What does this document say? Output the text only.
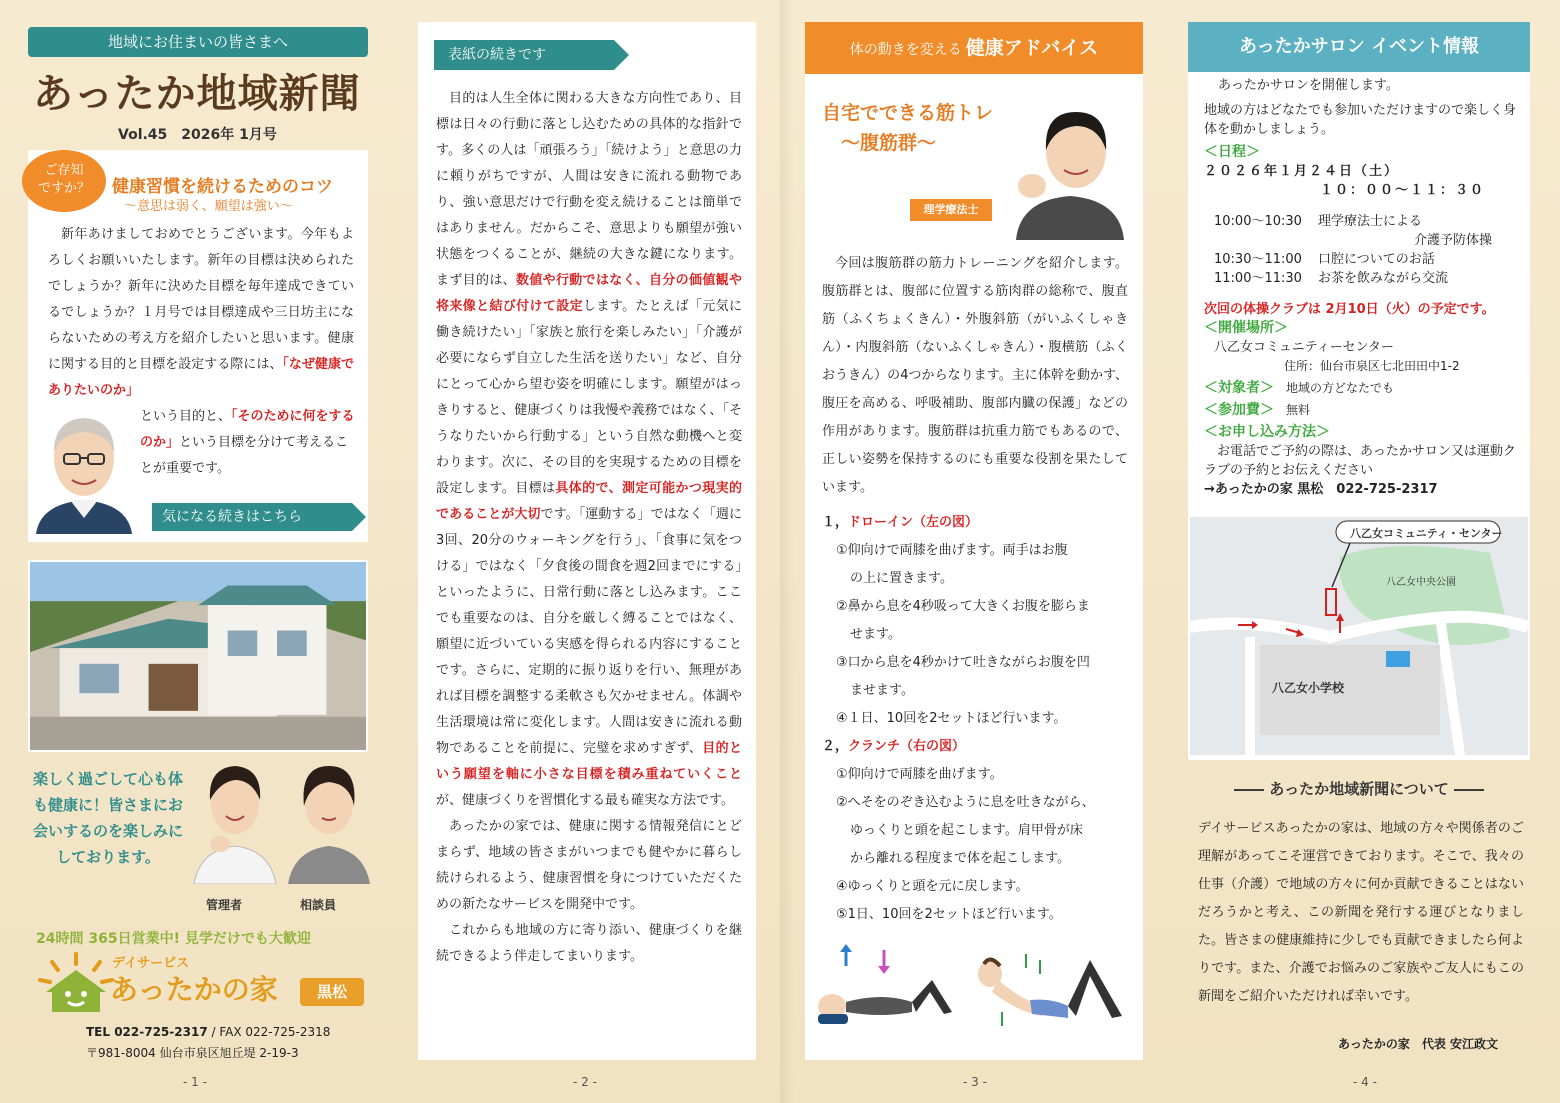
- 1 -
地域にお住まいの皆さまへ
あったか地域新聞
Vol.45　2026年 1月号
ご存知
ですか？	健康習慣を続けるためのコツ
～意思は弱く、願望は強い～
新年あけましておめでとうございます。今年もよろしくお願いいたします。新年の目標は決められたでしょうか？新年に決めた目標を毎年達成できているでしょうか？１月号では目標達成や三日坊主にならないための考え方を紹介したいと思います。健康に関する目的と目標を設定する際には、「なぜ健康でありたいのか」
という目的と、「そのために何をするのか」という目標を分けて考えることが重要です。
気になる続きはこちら
楽しく過ごして心も体も健康に！皆さまにお会いするのを楽しみにしております。
管理者	相談員
24時間 365日営業中! 見学だけでも大歓迎
デイサービス
あったかの家	黒松
TEL 022-725-2317 / FAX 022-725-2318
〒981-8004 仙台市泉区旭丘堤 2-19-3
- 2 -
表紙の続きです

目的は人生全体に関わる大きな方向性であり、目標は日々の行動に落とし込むための具体的な指針です。多くの人は「頑張ろう」「続けよう」と意思の力に頼りがちですが、人間は安きに流れる動物であり、強い意思だけで行動を変え続けることは簡単ではありません。だからこそ、意思よりも願望が強い状態をつくることが、継続の大きな鍵になります。まず目的は、数値や行動ではなく、自分の価値観や将来像と結び付けて設定します。たとえば「元気に働き続けたい」「家族と旅行を楽しみたい」「介護が必要にならず自立した生活を送りたい」など、自分にとって心から望む姿を明確にします。願望がはっきりすると、健康づくりは我慢や義務ではなく、「そうなりたいから行動する」という自然な動機へと変わります。次に、その目的を実現するための目標を設定します。目標は具体的で、測定可能かつ現実的であることが大切です。「運動する」ではなく「週に3回、20分のウォーキングを行う」、「食事に気をつける」ではなく「夕食後の間食を週2回までにする」といったように、日常行動に落とし込みます。ここでも重要なのは、自分を厳しく縛ることではなく、願望に近づいている実感を得られる内容にすることです。さらに、定期的に振り返りを行い、無理があれば目標を調整する柔軟さも欠かせません。体調や生活環境は常に変化します。人間は安きに流れる動物であることを前提に、完璧を求めすぎず、目的という願望を軸に小さな目標を積み重ねていくことが、健康づくりを習慣化する最も確実な方法です。

あったかの家では、健康に関する情報発信にとどまらず、地域の皆さまがいつまでも健やかに暮らし続けられるよう、健康習慣を身につけていただくための新たなサービスを開発中です。

これからも地域の方に寄り添い、健康づくりを継続できるよう伴走してまいります。

- 3 -
体の動きを変える 健康アドバイス
自宅でできる筋トレ
　～腹筋群～
理学療法士
今回は腹筋群の筋力トレーニングを紹介します。腹筋群とは、腹部に位置する筋肉群の総称で、腹直筋（ふくちょくきん）・外腹斜筋（がいふくしゃきん）・内腹斜筋（ないふくしゃきん）・腹横筋（ふくおうきん）の4つからなります。主に体幹を動かす、腹圧を高める、呼吸補助、腹部内臓の保護」などの作用があります。腹筋群は抗重力筋でもあるので、正しい姿勢を保持するのにも重要な役割を果たしています。
１，ドローイン（左の図）
①仰向けで両膝を曲げます。両手はお腹
の上に置きます。
②鼻から息を4秒吸って大きくお腹を膨らま
せます。
③口から息を4秒かけて吐きながらお腹を凹
ませます。
④１日、10回を2セットほど行います。
２，クランチ（右の図）
①仰向けで両膝を曲げます。
②へそをのぞき込むように息を吐きながら、
ゆっくりと頭を起こします。肩甲骨が床
から離れる程度まで体を起こします。
④ゆっくりと頭を元に戻します。
⑤1日、10回を2セットほど行います。
- 4 -
あったかサロン イベント情報
あったかサロンを開催します。
地域の方はどなたでも参加いただけますので楽しく身体を動かしましょう。
＜日程＞
２０２６年１月２４日（土）
１０：００～１１：３０
10:00～10:30	理学療法士による
介護予防体操
10:30～11:00	口腔についてのお話
11:00～11:30	お茶を飲みながら交流
次回の体操クラブは 2月10日（火）の予定です。
＜開催場所＞
八乙女コミュニティーセンター
住所：仙台市泉区七北田田中1-2
＜対象者＞　 地域の方どなたでも
＜参加費＞　 無料
＜お申し込み方法＞
お電話でご予約の際は、あったかサロン又は運動クラブの予約とお伝えください
→あったかの家 黒松　022-725-2317
八乙女コミュニティ・センター
八乙女中央公園
八乙女小学校
―― あったか地域新聞について ――
デイサービスあったかの家は、地域の方々や関係者のご理解があってこそ運営できております。そこで、我々の仕事（介護）で地域の方々に何か貢献できることはないだろうかと考え、この新聞を発行する運びとなりました。皆さまの健康維持に少しでも貢献できましたら何よりです。また、介護でお悩みのご家族やご友人にもこの新聞をご紹介いただければ幸いです。
あったかの家　代表 安江政文
